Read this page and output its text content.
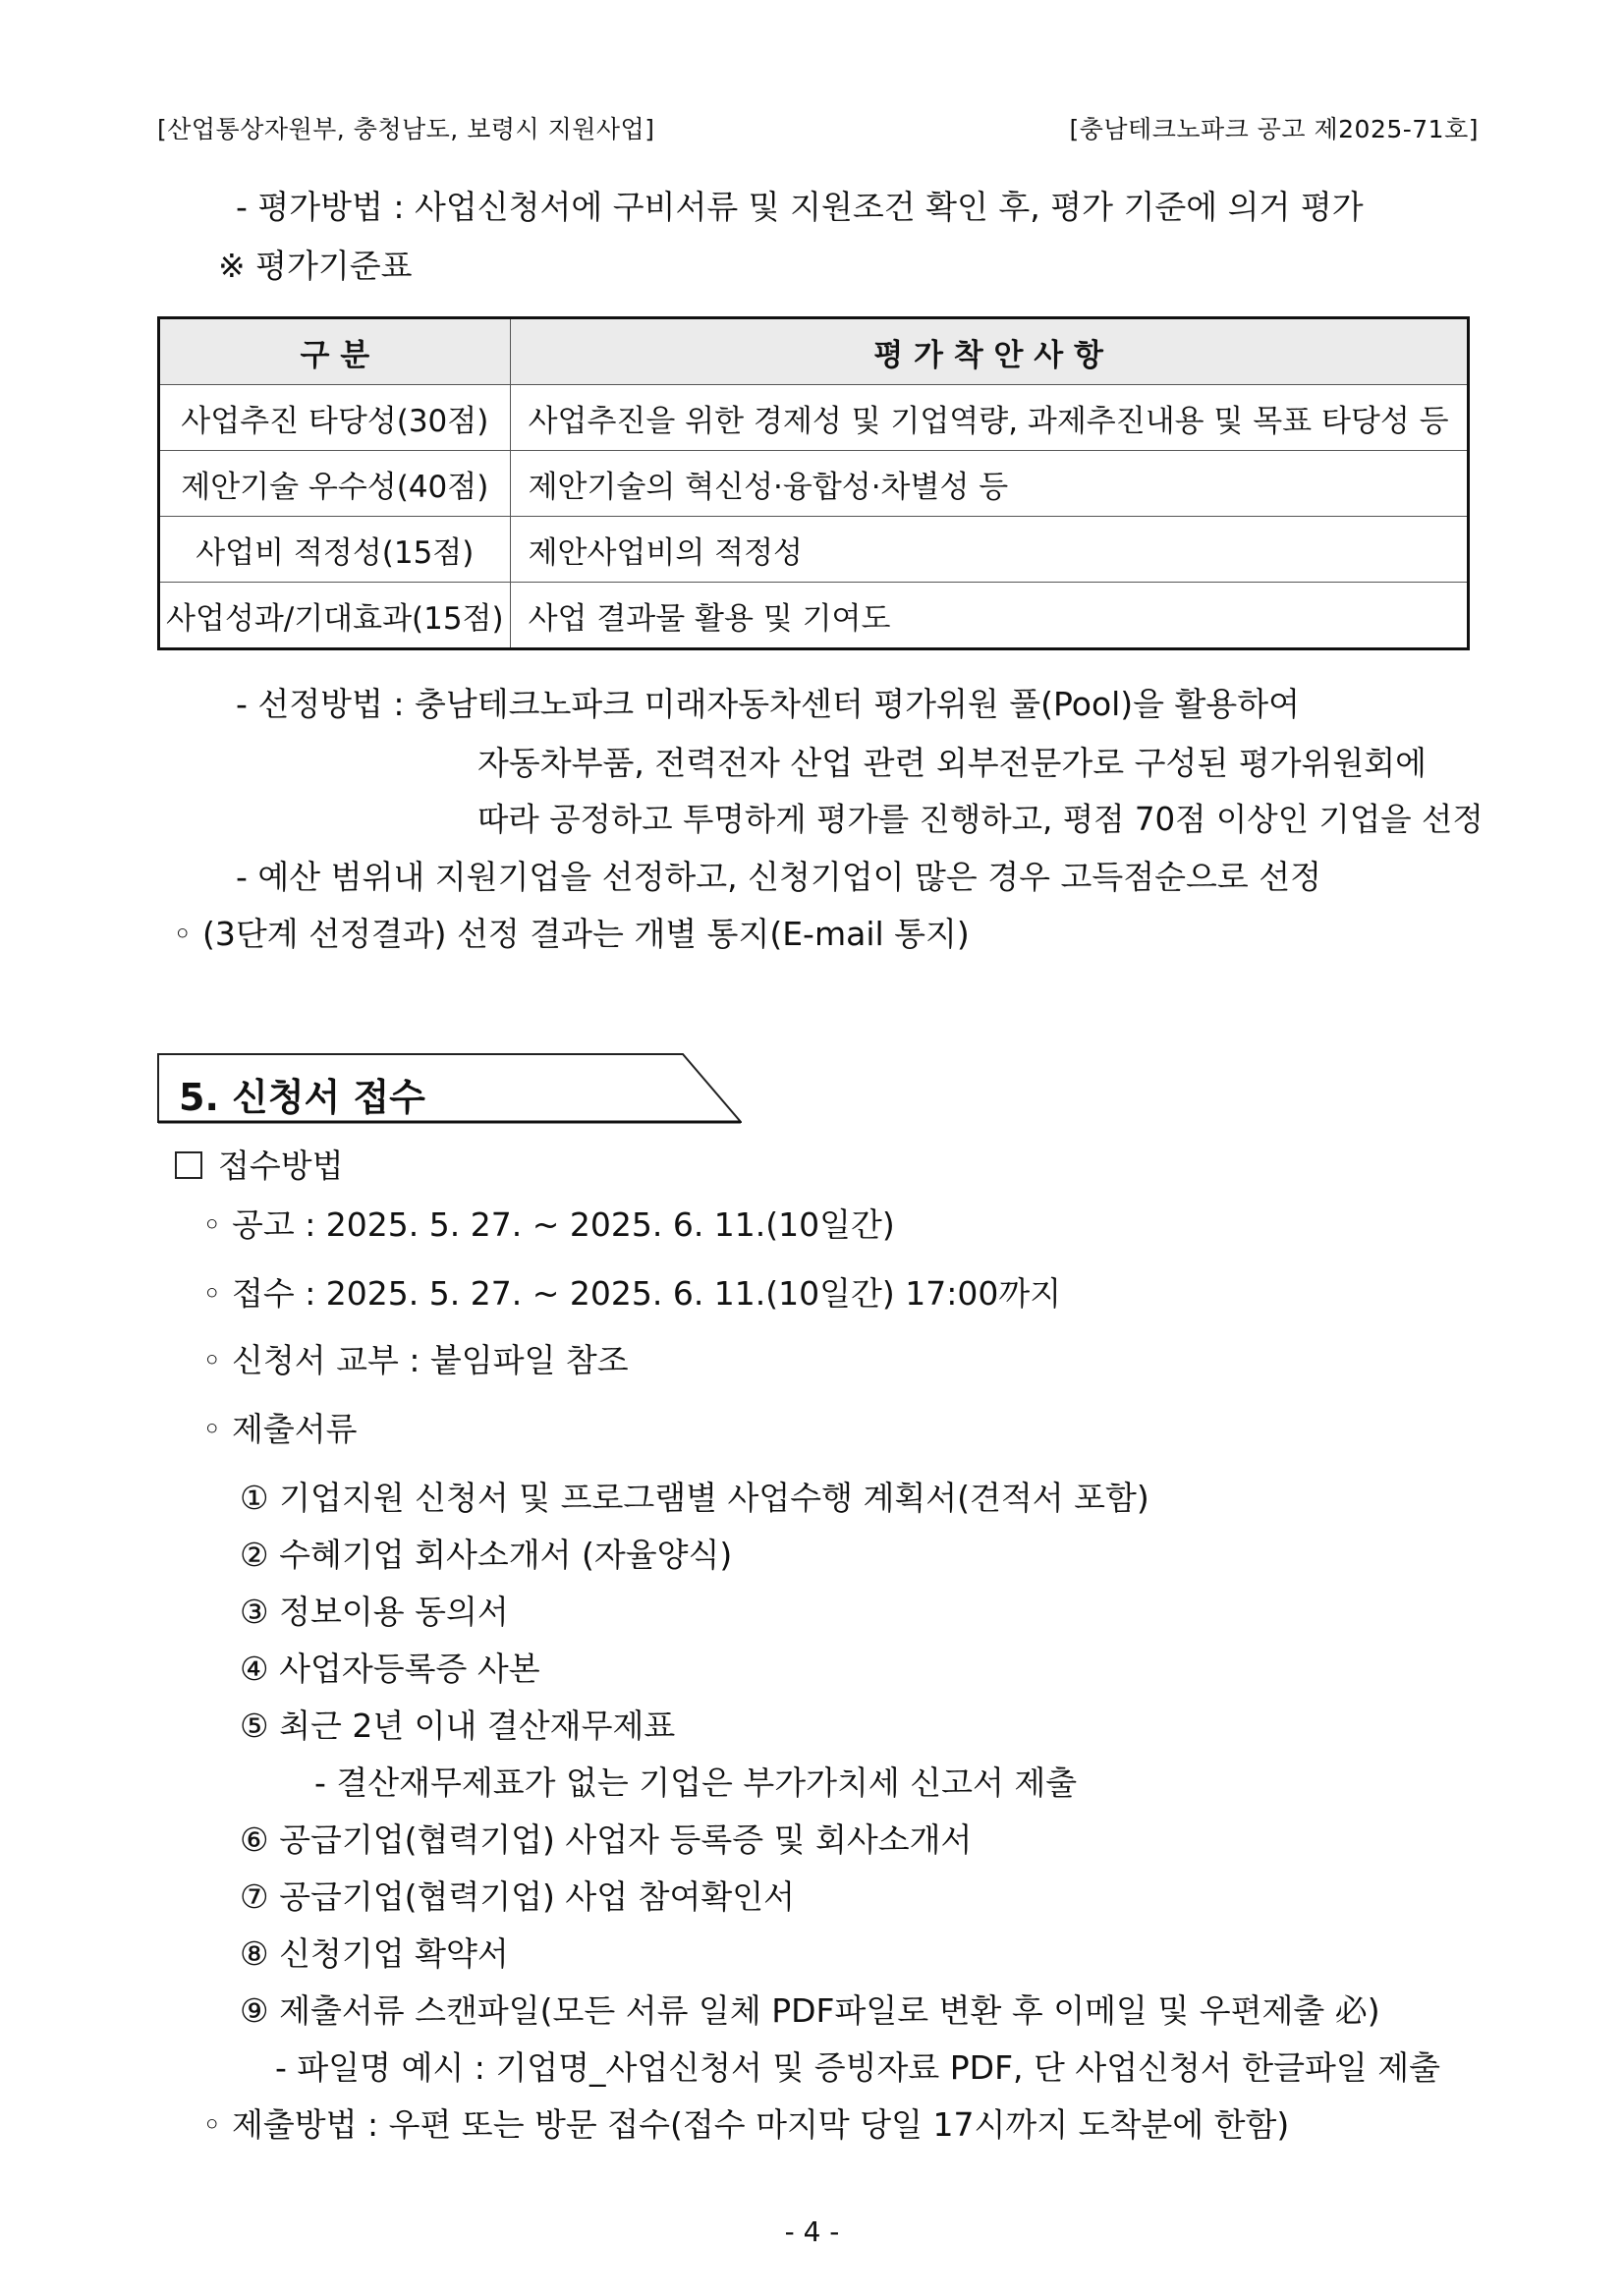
[산업통상자원부, 충청남도, 보령시 지원사업]	[충남테크노파크 공고 제2025-71호]
- 평가방법 : 사업신청서에 구비서류 및 지원조건 확인 후, 평가 기준에 의거 평가
※ 평가기준표
구 분	평 가 착 안 사 항
사업추진 타당성(30점)	사업추진을 위한 경제성 및 기업역량, 과제추진내용 및 목표 타당성 등
제안기술 우수성(40점)	제안기술의 혁신성·융합성·차별성 등
사업비 적정성(15점)	제안사업비의 적정성
사업성과/기대효과(15점)	사업 결과물 활용 및 기여도
- 선정방법 : 충남테크노파크 미래자동차센터 평가위원 풀(Pool)을 활용하여
자동차부품, 전력전자 산업 관련 외부전문가로 구성된 평가위원회에
따라 공정하고 투명하게 평가를 진행하고, 평점 70점 이상인 기업을 선정
- 예산 범위내 지원기업을 선정하고, 신청기업이 많은 경우 고득점순으로 선정
◦ (3단계 선정결과) 선정 결과는 개별 통지(E-mail 통지)
5. 신청서 접수
접수방법
◦ 공고 : 2025. 5. 27. ~ 2025. 6. 11.(10일간)
◦ 접수 : 2025. 5. 27. ~ 2025. 6. 11.(10일간) 17:00까지
◦ 신청서 교부 : 붙임파일 참조
◦ 제출서류
① 기업지원 신청서 및 프로그램별 사업수행 계획서(견적서 포함)
② 수혜기업 회사소개서 (자율양식)
③ 정보이용 동의서
④ 사업자등록증 사본
⑤ 최근 2년 이내 결산재무제표
- 결산재무제표가 없는 기업은 부가가치세 신고서 제출
⑥ 공급기업(협력기업) 사업자 등록증 및 회사소개서
⑦ 공급기업(협력기업) 사업 참여확인서
⑧ 신청기업 확약서
⑨ 제출서류 스캔파일(모든 서류 일체 PDF파일로 변환 후 이메일 및 우편제출 必)
- 파일명 예시 : 기업명_사업신청서 및 증빙자료 PDF, 단 사업신청서 한글파일 제출
◦ 제출방법 : 우편 또는 방문 접수(접수 마지막 당일 17시까지 도착분에 한함)
- 4 -
